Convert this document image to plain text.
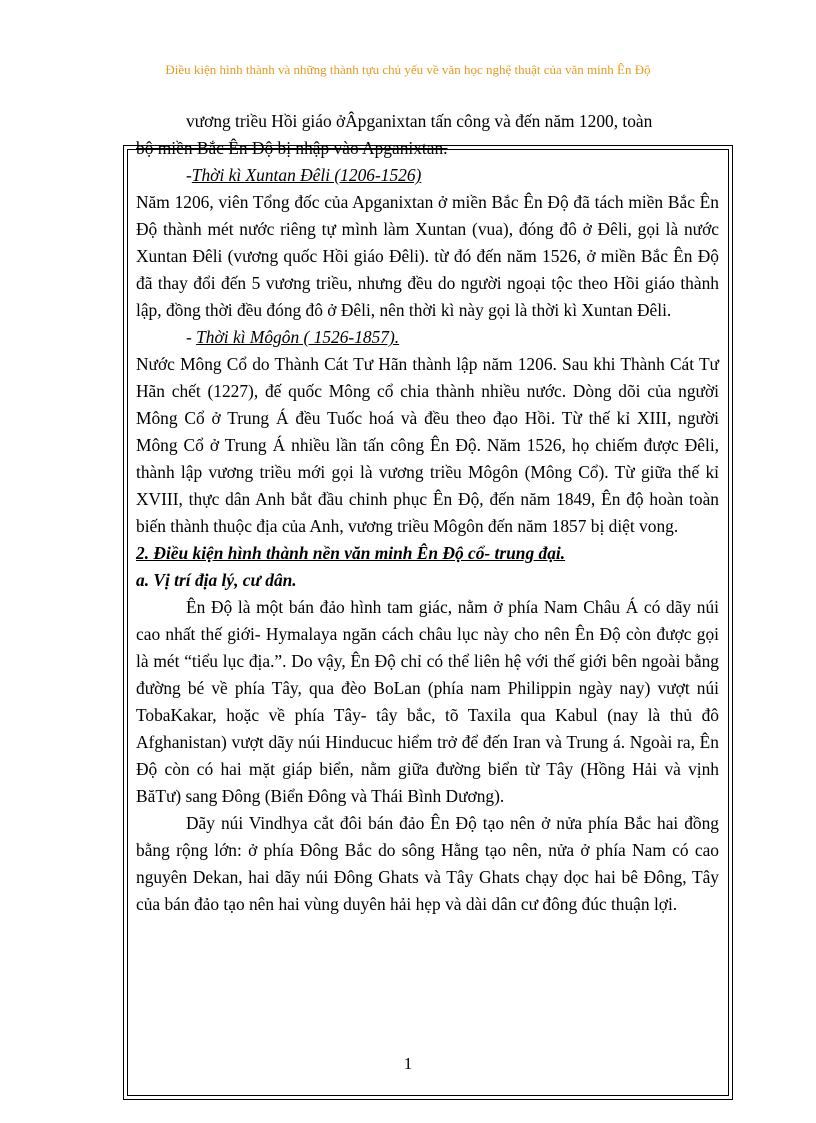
Điều kiện hình thành và những thành tựu chủ yếu về văn học nghệ thuật của văn minh Ên Độ

vương triều Hồi giáo ởÂpganixtan tấn công và đến năm 1200, toàn
bộ miền Bắc Ên Độ bị nhập vào Apganixtan.

-Thời kì Xuntan Đêli (1206-1526)

Năm 1206, viên Tổng đốc của Apganixtan ở miền Bắc Ên Độ đã tách miền Bắc Ên Độ thành mét nước riêng tự mình làm Xuntan (vua), đóng đô ở Đêli, gọi là nước Xuntan Đêli (vương quốc Hồi giáo Đêli). từ đó đến năm 1526, ở miền Bắc Ên Độ đã thay đổi đến 5 vương triều, nhưng đều do người ngoại tộc theo Hồi giáo thành lập, đồng thời đều đóng đô ở Đêli, nên thời kì này gọi là thời kì Xuntan Đêli.

- Thời kì Môgôn ( 1526-1857).

Nước Mông Cổ do Thành Cát Tư Hãn thành lập năm 1206. Sau khi Thành Cát Tư Hãn chết (1227), đế quốc Mông cổ chia thành nhiều nước. Dòng dõi của người Mông Cổ ở Trung Á đều Tuốc hoá và đều theo đạo Hồi. Từ thế kỉ XIII, người Mông Cổ ở Trung Á nhiều lần tấn công Ên Độ. Năm 1526, họ chiếm được Đêli, thành lập vương triều mới gọi là vương triều Môgôn (Mông Cổ). Từ giữa thế kỉ XVIII, thực dân Anh bắt đầu chinh phục Ên Độ, đến năm 1849, Ên độ hoàn toàn biến thành thuộc địa của Anh, vương triều Môgôn đến năm 1857 bị diệt vong.

2. Điều kiện hình thành nền văn minh Ên Độ cổ- trung đại.

a. Vị trí địa lý, cư dân.

Ên Độ là một bán đảo hình tam giác, nằm ở phía Nam Châu Á có dãy núi cao nhất thế giới- Hymalaya ngăn cách châu lục này cho nên Ên Độ còn được gọi là mét “tiểu lục địa.”. Do vậy, Ên Độ chỉ có thể liên hệ với thế giới bên ngoài bằng đường bé về phía Tây, qua đèo BoLan (phía nam Philippin ngày nay) vượt núi TobaKakar, hoặc về phía Tây- tây bắc, tõ Taxila qua Kabul (nay là thủ đô Afghanistan) vượt dãy núi Hinducuc hiểm trở để đến Iran và Trung á. Ngoài ra, Ên Độ còn có hai mặt giáp biển, nằm giữa đường biển từ Tây (Hồng Hải và vịnh BăTư) sang Đông (Biển Đông và Thái Bình Dương).

Dãy núi Vindhya cắt đôi bán đảo Ên Độ tạo nên ở nửa phía Bắc hai đồng bằng rộng lớn: ở phía Đông Bắc do sông Hằng tạo nên, nửa ở phía Nam có cao nguyên Dekan, hai dãy núi Đông Ghats và Tây Ghats chạy dọc hai bê Đông, Tây của bán đảo tạo nên hai vùng duyên hải hẹp và dài dân cư đông đúc thuận lợi.

1
